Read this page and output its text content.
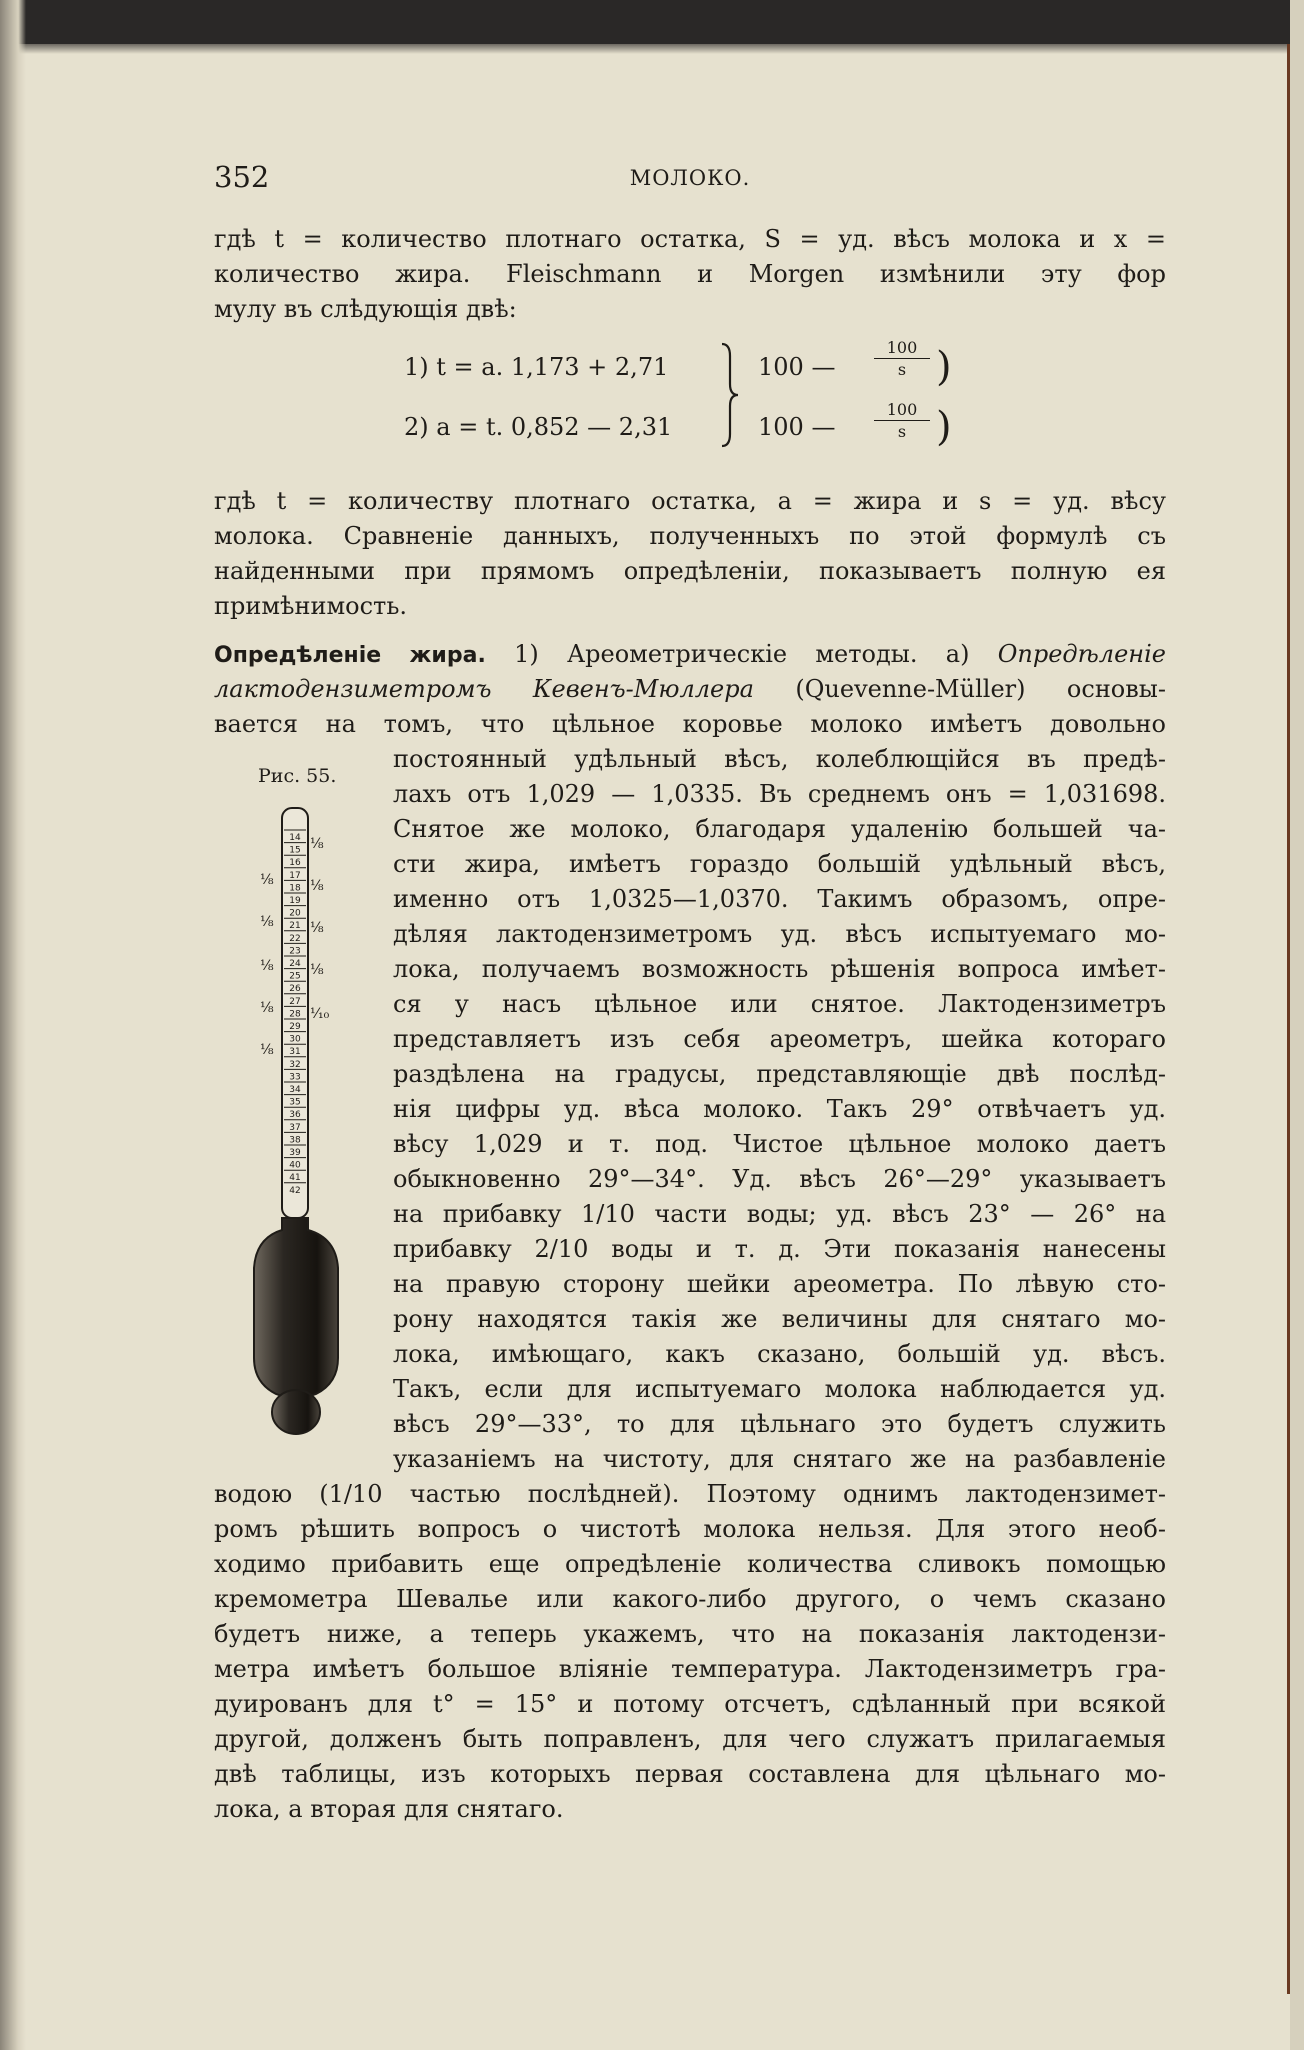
352	МОЛОКО.
гдѣ t = количество плотнаго остатка, S = уд. вѣсъ молока и x =
количество жира. Fleischmann и Morgen измѣнили эту фор
мулу въ слѣдующія двѣ:
1) t = a. 1,173 + 2,71
2) a = t. 0,852 — 2,31
100 —
100 —
$\frac{100}{s}$
$\frac{100}{s}$
)
)
гдѣ t = количеству плотнаго остатка, a = жира и s = уд. вѣсу
молока. Сравненіе данныхъ, полученныхъ по этой формулѣ съ
найденными при прямомъ опредѣленіи, показываетъ полную ея
примѣнимость.
Опредѣленіе жира. 1) Ареометрическіе методы. а) Опредѣленіе
лактодензиметромъ Кевенъ-Мюллера (Quevenne-Müller) основы-
вается на томъ, что цѣльное коровье молоко имѣетъ довольно
Рис. 55.
14
15
16
17
18
19
20
21
22
23
24
25
26
27
28
29
30
31
32
33
34
35
36
37
38
39
40
41
42
⅛
⅛
⅛
⅛
⅟₁₀
⅛
⅛
⅛
⅛
⅛
постоянный удѣльный вѣсъ, колеблющійся въ предѣ-
лахъ отъ 1,029 — 1,0335. Въ среднемъ онъ = 1,031698.
Снятое же молоко, благодаря удаленію большей ча-
сти жира, имѣетъ гораздо большій удѣльный вѣсъ,
именно отъ 1,0325—1,0370. Такимъ образомъ, опре-
дѣляя лактодензиметромъ уд. вѣсъ испытуемаго мо-
лока, получаемъ возможность рѣшенія вопроса имѣет-
ся у насъ цѣльное или снятое. Лактодензиметръ
представляетъ изъ себя ареометръ, шейка котораго
раздѣлена на градусы, представляющіе двѣ послѣд-
нія цифры уд. вѣса молоко. Такъ 29° отвѣчаетъ уд.
вѣсу 1,029 и т. под. Чистое цѣльное молоко даетъ
обыкновенно 29°—34°. Уд. вѣсъ 26°—29° указываетъ
на прибавку 1/10 части воды; уд. вѣсъ 23° — 26° на
прибавку 2/10 воды и т. д. Эти показанія нанесены
на правую сторону шейки ареометра. По лѣвую сто-
рону находятся такія же величины для снятаго мо-
лока, имѣющаго, какъ сказано, большій уд. вѣсъ.
Такъ, если для испытуемаго молока наблюдается уд.
вѣсъ 29°—33°, то для цѣльнаго это будетъ служить
указаніемъ на чистоту, для снятаго же на разбавленіе
водою (1/10 частью послѣдней). Поэтому однимъ лактодензимет-
ромъ рѣшить вопросъ о чистотѣ молока нельзя. Для этого необ-
ходимо прибавить еще опредѣленіе количества сливокъ помощью
кремометра Шевалье или какого-либо другого, о чемъ сказано
будетъ ниже, а теперь укажемъ, что на показанія лактодензи-
метра имѣетъ большое вліяніе температура. Лактодензиметръ гра-
дуированъ для t° = 15° и потому отсчетъ, сдѣланный при всякой
другой, долженъ быть поправленъ, для чего служатъ прилагаемыя
двѣ таблицы, изъ которыхъ первая составлена для цѣльнаго мо-
лока, а вторая для снятаго.
